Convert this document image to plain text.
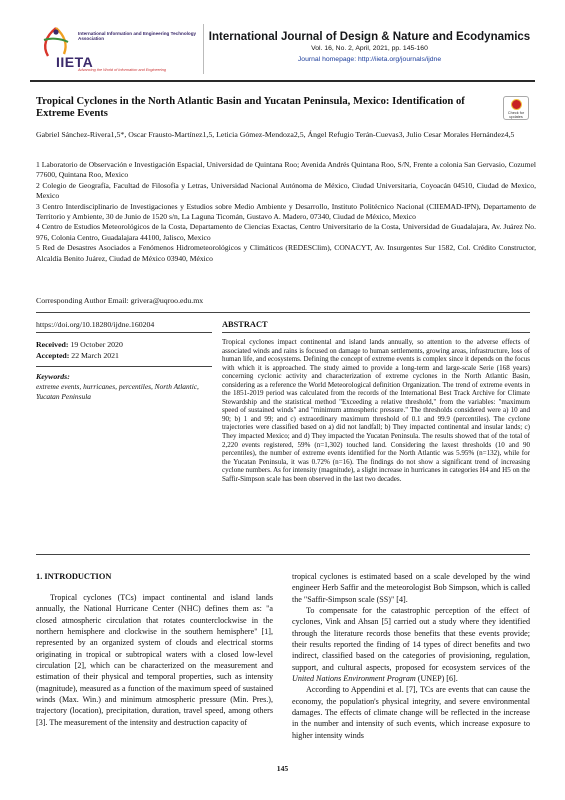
International Information and Engineering Technology Association
IIETA
Advancing the World of Information and Engineering
International Journal of Design & Nature and Ecodynamics
Vol. 16, No. 2, April, 2021, pp. 145-160
Journal homepage: http://iieta.org/journals/ijdne
Tropical Cyclones in the North Atlantic Basin and Yucatan Peninsula, Mexico: Identification of Extreme Events	Check for
updates
Gabriel Sánchez-Rivera1,5*, Oscar Frausto-Martínez1,5, Leticia Gómez-Mendoza2,5, Ángel Refugio Terán-Cuevas3, Julio Cesar Morales Hernández4,5
1 Laboratorio de Observación e Investigación Espacial, Universidad de Quintana Roo; Avenida Andrés Quintana Roo, S/N, Frente a colonia San Gervasio, Cozumel 77600, Quintana Roo, Mexico
2 Colegio de Geografía, Facultad de Filosofía y Letras, Universidad Nacional Autónoma de México, Ciudad Universitaria, Coyoacán 04510, Ciudad de Mexico, Mexico
3 Centro Interdisciplinario de Investigaciones y Estudios sobre Medio Ambiente y Desarrollo, Instituto Politécnico Nacional (CIIEMAD-IPN), Departamento de Territorio y Ambiente, 30 de Junio de 1520 s/n, La Laguna Ticomán, Gustavo A. Madero, 07340, Ciudad de México, Mexico
4 Centro de Estudios Meteorológicos de la Costa, Departamento de Ciencias Exactas, Centro Universitario de la Costa, Universidad de Guadalajara, Av. Juárez No. 976, Colonia Centro, Guadalajara 44100, Jalisco, Mexico
5 Red de Desastres Asociados a Fenómenos Hidrometeorológicos y Climáticos (REDESClim), CONACYT, Av. Insurgentes Sur 1582, Col. Crédito Constructor, Alcaldía Benito Juárez, Ciudad de México 03940, México
Corresponding Author Email: grivera@uqroo.edu.mx
https://doi.org/10.18280/ijdne.160204
Received: 19 October 2020
Accepted: 22 March 2021
Keywords:
extreme events, hurricanes, percentiles, North Atlantic, Yucatan Peninsula
ABSTRACT
Tropical cyclones impact continental and island lands annually, so attention to the adverse effects of associated winds and rains is focused on damage to human settlements, growing areas, infrastructure, loss of human life, and ecosystems. Defining the concept of extreme events is complex since it depends on the focus with which it is approached. The study aimed to provide a long-term and large-scale Serie (168 years) concerning cyclonic activity and characterization of extreme cyclones in the North Atlantic Basin, considering as a reference the World Meteorological definition Organization. The trend of extreme events in the 1851-2019 period was calculated from the records of the International Best Track Archive for Climate Stewardship and the statistical method "Exceeding a relative threshold," from the variables: "maximum speed of sustained winds" and "minimum atmospheric pressure." The thresholds considered were a) 10 and 90; b) 1 and 99; and c) extraordinary maximum threshold of 0.1 and 99.9 (percentiles). The cyclone trajectories were classified based on a) did not landfall; b) They impacted continental and insular lands; c) They impacted Mexico; and d) They impacted the Yucatan Peninsula. The results showed that of the total of 2,220 events registered, 59% (n=1,302) touched land. Considering the laxest thresholds (10 and 90 percentiles), the number of extreme events identified for the North Atlantic was 5.95% (n=132), while for the Yucatan Peninsula, it was 0.72% (n=16). The findings do not show a significant trend of increasing cyclone numbers. As for intensity (magnitude), a slight increase in hurricanes in categories H4 and H5 on the Saffir-Simpson scale has been observed in the last two decades.
1. INTRODUCTION
Tropical cyclones (TCs) impact continental and island lands annually, the National Hurricane Center (NHC) defines them as: "a closed atmospheric circulation that rotates counterclockwise in the northern hemisphere and clockwise in the southern hemisphere" [1], represented by an organized system of clouds and electrical storms originating in tropical or subtropical waters with a closed low-level circulation [2], which can be characterized on the measurement and estimation of their physical and temporal properties, such as intensity (magnitude), measured as a function of the maximum speed of sustained winds (Max. Win.) and minimum atmospheric pressure (Min. Pres.), trajectory (location), precipitation, duration, travel speed, among others [3]. The measurement of the intensity and destruction capacity of
tropical cyclones is estimated based on a scale developed by the wind engineer Herb Saffir and the meteorologist Bob Simpson, which is called the "Saffir-Simpson scale (SS)" [4].
To compensate for the catastrophic perception of the effect of cyclones, Vink and Ahsan [5] carried out a study where they identified through the literature records those benefits that these events provide; their results reported the finding of 14 types of direct benefits and two indirect, classified based on the categories of provisioning, regulation, support, and cultural aspects, proposed for ecosystem services of the United Nations Environment Program (UNEP) [6].
According to Appendini et al. [7], TCs are events that can cause the economy, the population's physical integrity, and severe environmental damages. The effects of climate change will be reflected in the increase in the number and intensity of such events, which increase exposure to higher intensity winds
145
